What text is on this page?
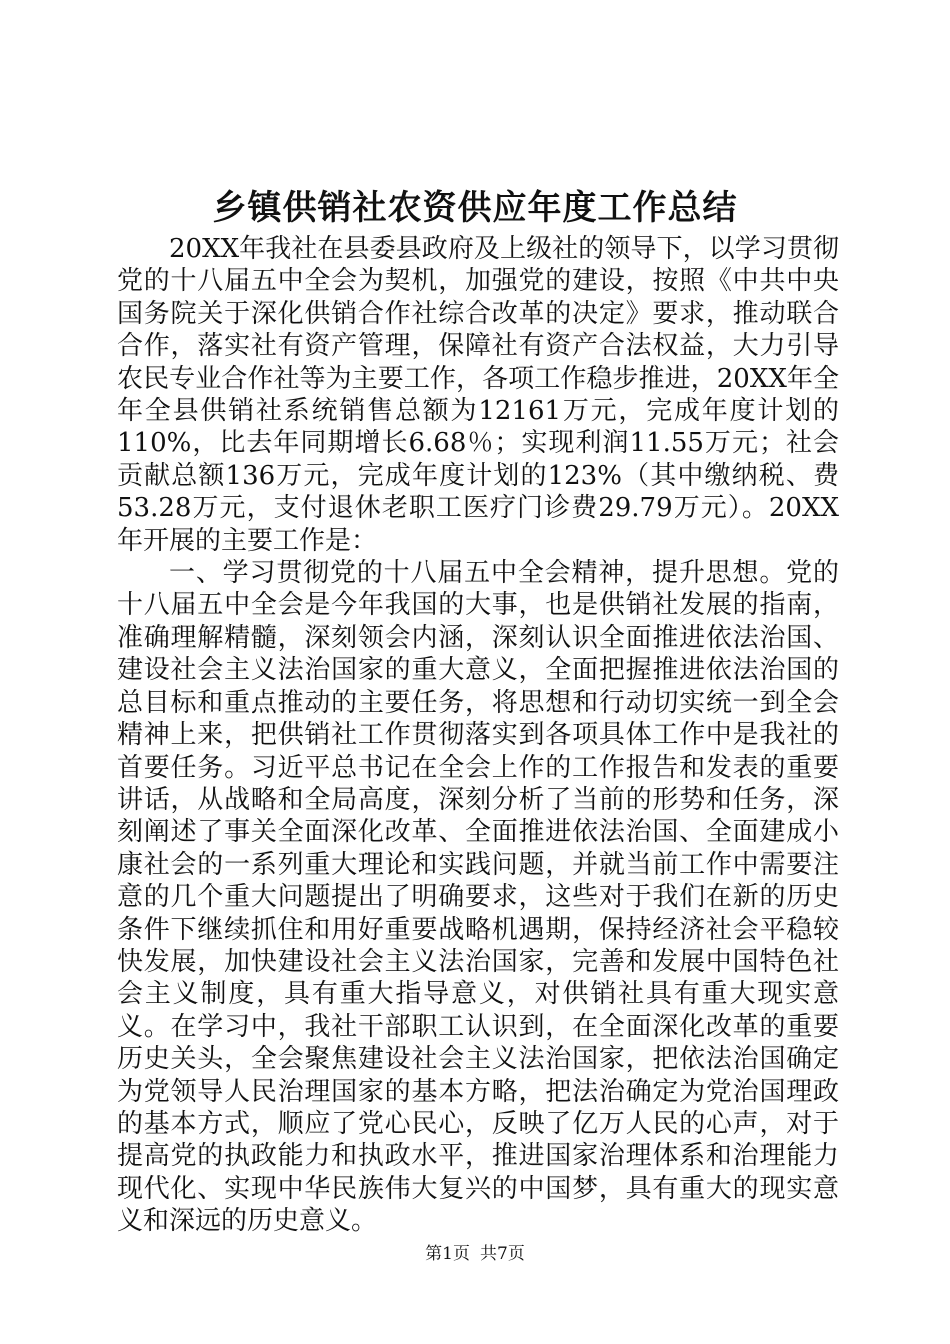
乡镇供销社农资供应年度工作总结

20XX年我社在县委县政府及上级社的领导下，以学习贯彻党的十八届五中全会为契机，加强党的建设，按照《中共中央国务院关于深化供销合作社综合改革的决定》要求，推动联合合作，落实社有资产管理，保障社有资产合法权益，大力引导农民专业合作社等为主要工作，各项工作稳步推进，20XX年全年全县供销社系统销售总额为12161万元，完成年度计划的110%，比去年同期增长6.68％；实现利润11.55万元；社会贡献总额136万元，完成年度计划的123%（其中缴纳税、费53.28万元，支付退休老职工医疗门诊费29.79万元）。20XX年开展的主要工作是：

一、学习贯彻党的十八届五中全会精神，提升思想。党的十八届五中全会是今年我国的大事，也是供销社发展的指南，准确理解精髓，深刻领会内涵，深刻认识全面推进依法治国、建设社会主义法治国家的重大意义，全面把握推进依法治国的总目标和重点推动的主要任务，将思想和行动切实统一到全会精神上来，把供销社工作贯彻落实到各项具体工作中是我社的首要任务。习近平总书记在全会上作的工作报告和发表的重要讲话，从战略和全局高度，深刻分析了当前的形势和任务，深刻阐述了事关全面深化改革、全面推进依法治国、全面建成小康社会的一系列重大理论和实践问题，并就当前工作中需要注意的几个重大问题提出了明确要求，这些对于我们在新的历史条件下继续抓住和用好重要战略机遇期，保持经济社会平稳较快发展，加快建设社会主义法治国家，完善和发展中国特色社会主义制度，具有重大指导意义，对供销社具有重大现实意义。在学习中，我社干部职工认识到，在全面深化改革的重要历史关头，全会聚焦建设社会主义法治国家，把依法治国确定为党领导人民治理国家的基本方略，把法治确定为党治国理政的基本方式，顺应了党心民心，反映了亿万人民的心声，对于提高党的执政能力和执政水平，推进国家治理体系和治理能力现代化、实现中华民族伟大复兴的中国梦，具有重大的现实意义和深远的历史意义。

第1页 共7页
